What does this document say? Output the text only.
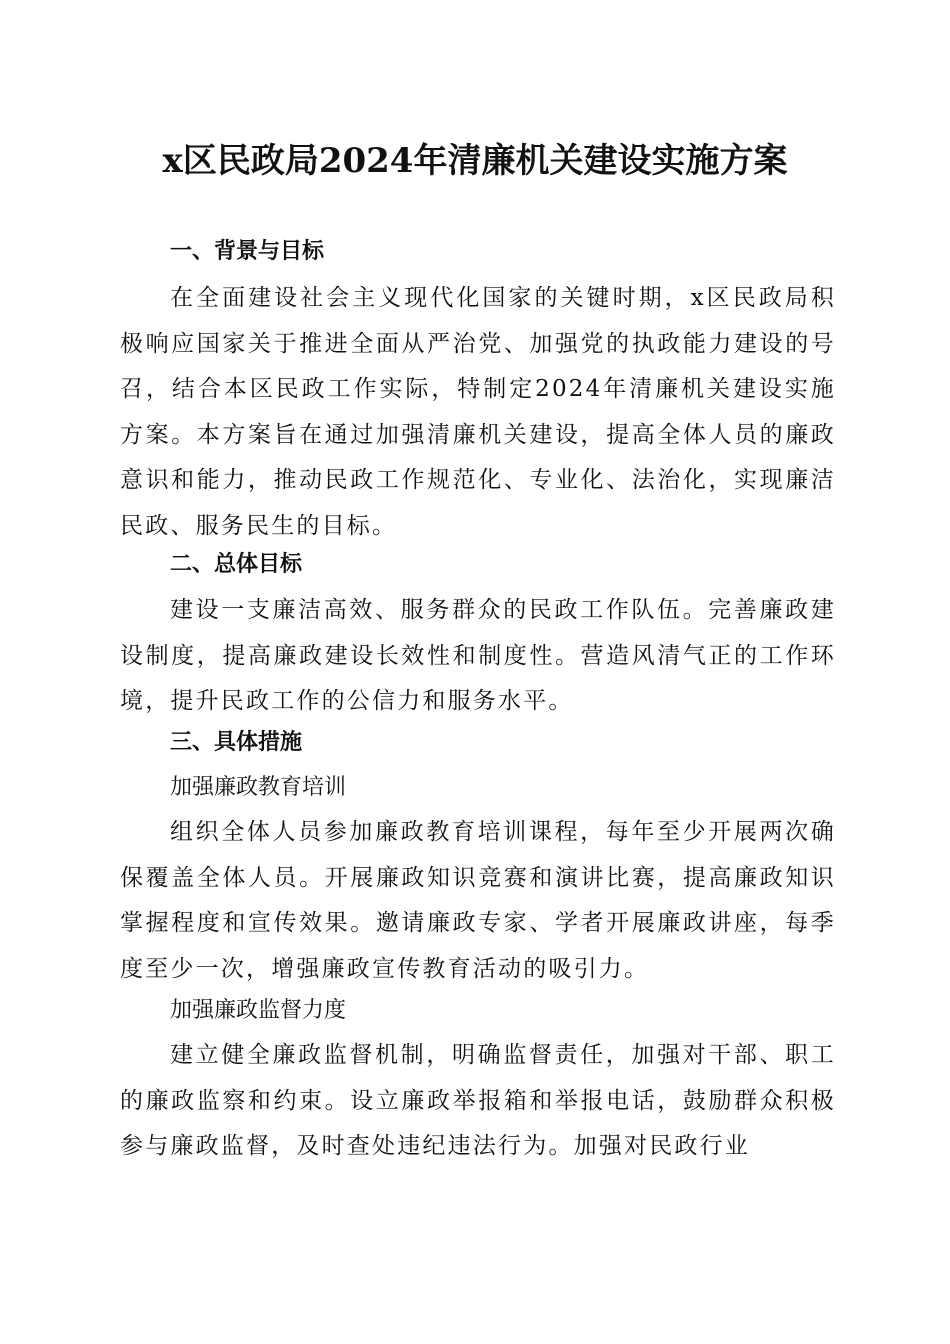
x区民政局2024年清廉机关建设实施方案
一、背景与目标

在全面建设社会主义现代化国家的关键时期，x区民政局积极响应国家关于推进全面从严治党、加强党的执政能力建设的号召，结合本区民政工作实际，特制定2024年清廉机关建设实施方案。本方案旨在通过加强清廉机关建设，提高全体人员的廉政意识和能力，推动民政工作规范化、专业化、法治化，实现廉洁民政、服务民生的目标。

二、总体目标

建设一支廉洁高效、服务群众的民政工作队伍。完善廉政建设制度，提高廉政建设长效性和制度性。营造风清气正的工作环境，提升民政工作的公信力和服务水平。

三、具体措施

加强廉政教育培训

组织全体人员参加廉政教育培训课程，每年至少开展两次确保覆盖全体人员。开展廉政知识竞赛和演讲比赛，提高廉政知识掌握程度和宣传效果。邀请廉政专家、学者开展廉政讲座，每季度至少一次，增强廉政宣传教育活动的吸引力。

加强廉政监督力度

建立健全廉政监督机制，明确监督责任，加强对干部、职工的廉政监察和约束。设立廉政举报箱和举报电话，鼓励群众积极参与廉政监督，及时查处违纪违法行为。加强对民政行业
